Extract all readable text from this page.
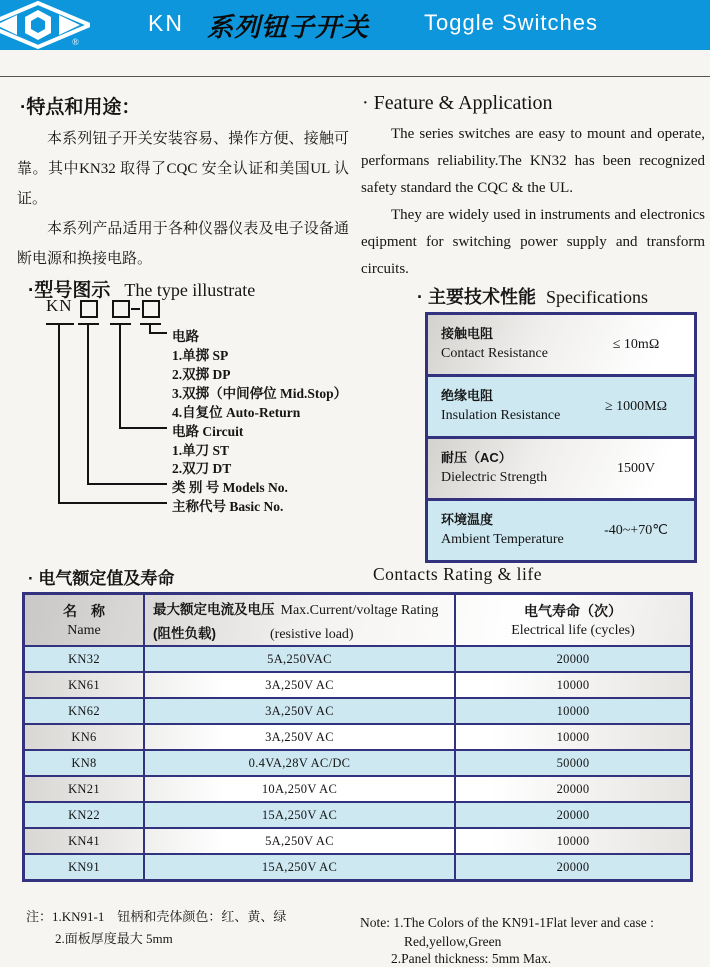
®
KN 系列钮子开关 Toggle Switches
·特点和用途：

本系列钮子开关安装容易、操作方便、接触可靠。其中KN32 取得了CQC 安全认证和美国UL 认证。

本系列产品适用于各种仪器仪表及电子设备通断电源和换接电路。

· Feature & Application

The series switches are easy to mount and operate, performans reliability.The KN32 has been recognized safety standard the CQC & the UL.

They are widely used in instruments and electronics eqipment for switching power supply and transform circuits.

·型号图示 The type illustrate
KN
电路
1.单掷 SP
2.双掷 DP
3.双掷（中间停位 Mid.Stop）
4.自复位 Auto-Return
电路 Circuit
1.单刀 ST
2.双刀 DT
类 别 号 Models No.
主称代号 Basic No.
· 主要技术性能 Specifications
接触电阻
Contact Resistance
≤ 10mΩ
绝缘电阻
Insulation Resistance
≥ 1000MΩ
耐压（AC）
Dielectric Strength
1500V
环境温度
Ambient Temperature
-40~+70℃
· 电气额定值及寿命	Contacts Rating & life
名　称
Name
最大额定电流及电压 Max.Current/voltage Rating
(阻性负载)	(resistive load)
电气寿命（次）
Electrical life (cycles)
KN32	5A,250VAC	20000
KN61	3A,250V AC	10000
KN62	3A,250V AC	10000
KN6	3A,250V AC	10000
KN8	0.4VA,28V AC/DC	50000
KN21	10A,250V AC	20000
KN22	15A,250V AC	20000
KN41	5A,250V AC	10000
KN91	15A,250V AC	20000
注：1.KN91-1　钮柄和壳体颜色：红、黄、绿
2.面板厚度最大 5mm
Note: 1.The Colors of the KN91-1Flat lever and case :
Red,yellow,Green
2.Panel thickness: 5mm Max.
